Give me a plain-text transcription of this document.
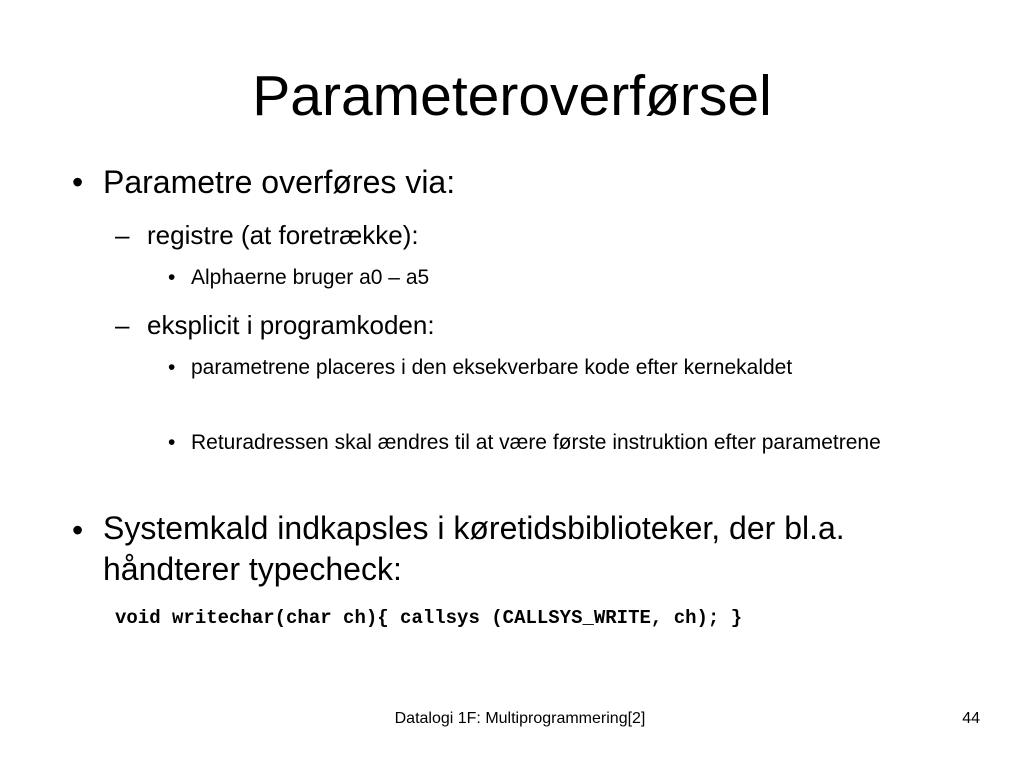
Parameteroverførsel
• Parametre overføres via:
– registre (at foretrække):
• Alphaerne bruger a0 – a5
– eksplicit i programkoden:
• parametrene placeres i den eksekverbare kode efter kernekaldet
• Returadressen skal ændres til at være første instruktion efter parametrene
• Systemkald indkapsles i køretidsbiblioteker, der bl.a. håndterer typecheck:
void writechar(char ch){ callsys (CALLSYS_WRITE, ch); }
Datalogi 1F: Multiprogrammering[2]	44
